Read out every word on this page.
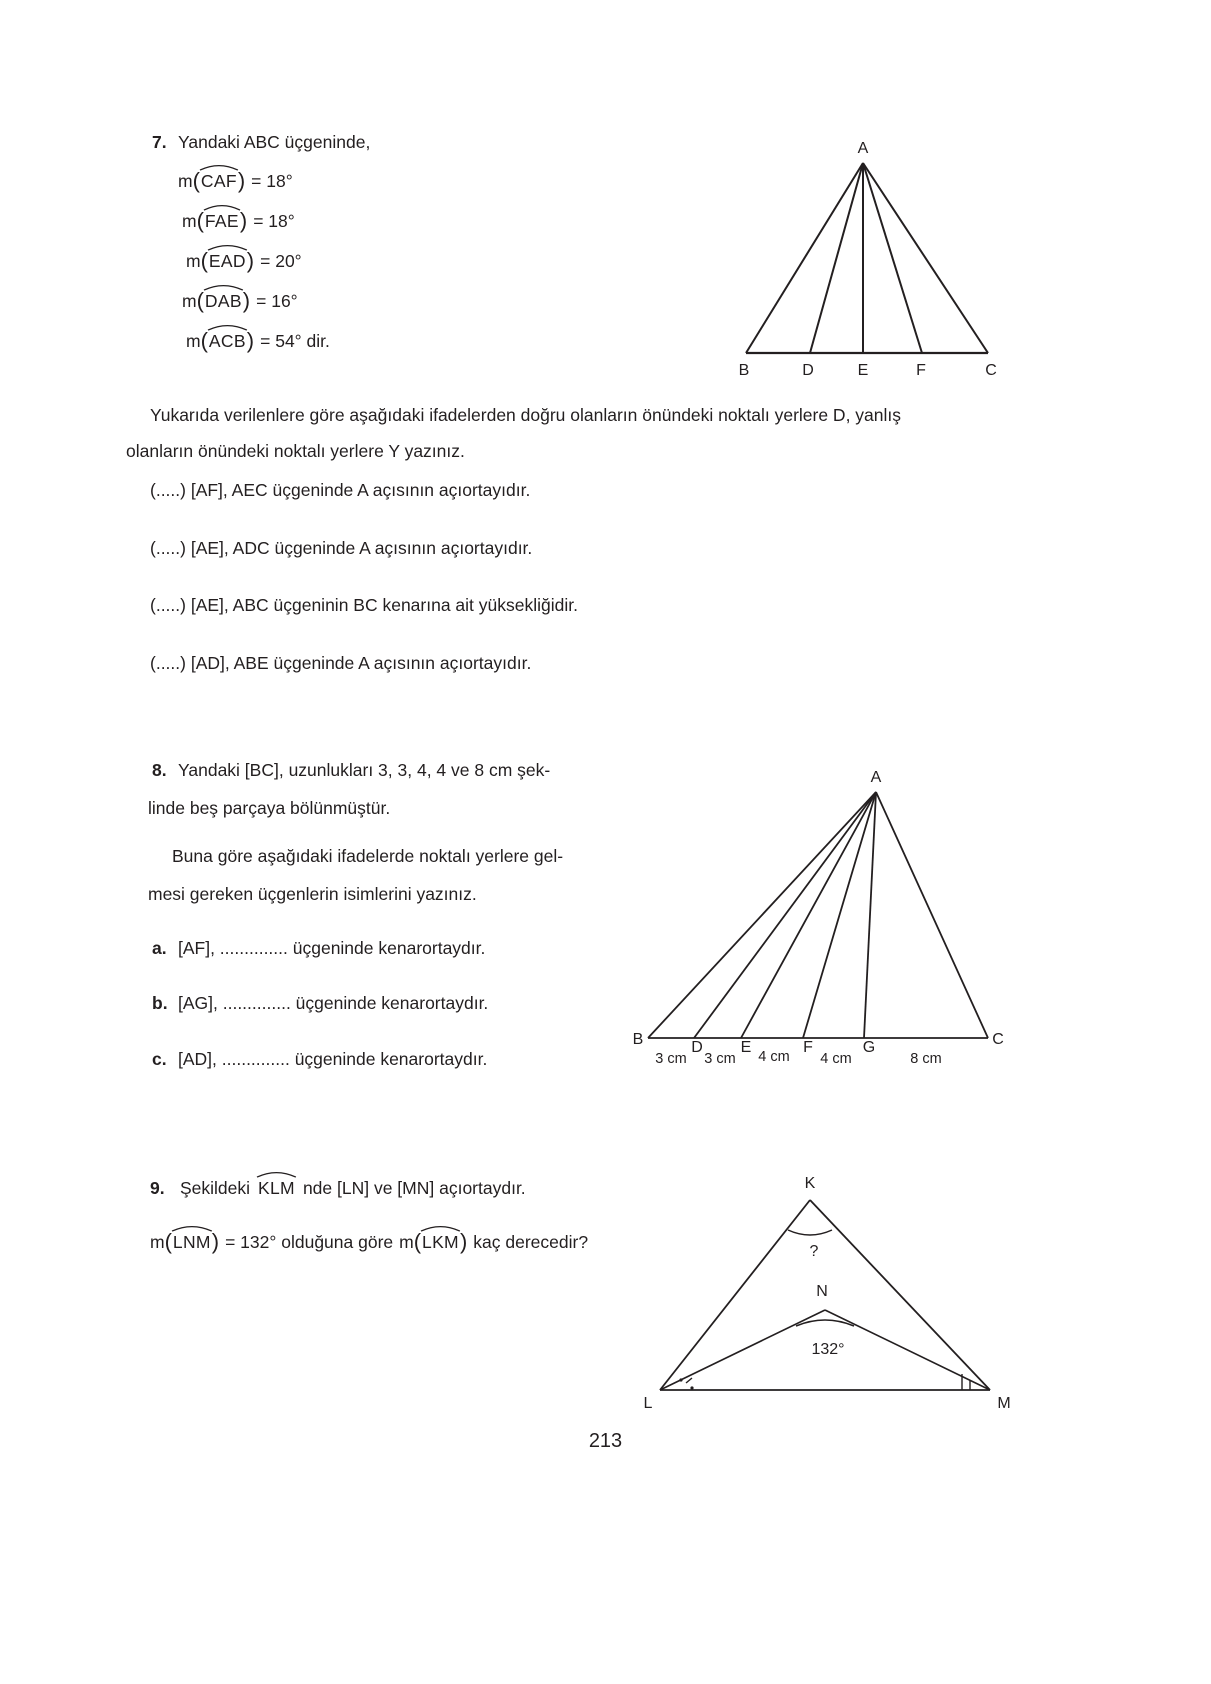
7. Yandaki ABC üçgeninde,
m ( CAF ) = 18°
m ( FAE ) = 18°
m ( EAD ) = 20°
m ( DAB ) = 16°
m ( ACB ) = 54° dir.
A
B	D	E	F	C
Yukarıda verilenlere göre aşağıdaki ifadelerden doğru olanların önündeki noktalı yerlere D, yanlış
olanların önündeki noktalı yerlere Y yazınız.
(.....) [AF], AEC üçgeninde A açısının açıortayıdır.
(.....) [AE], ADC üçgeninde A açısının açıortayıdır.
(.....) [AE], ABC üçgeninin BC kenarına ait yüksekliğidir.
(.....) [AD], ABE üçgeninde A açısının açıortayıdır.
8. Yandaki [BC], uzunlukları 3, 3, 4, 4 ve 8 cm şek-
linde beş parçaya bölünmüştür.
Buna göre aşağıdaki ifadelerde noktalı yerlere gel-
mesi gereken üçgenlerin isimlerini yazınız.
a. [AF], .............. üçgeninde kenarortaydır.
b. [AG], .............. üçgeninde kenarortaydır.
c. [AD], .............. üçgeninde kenarortaydır.
A
B	D E	F	G	C
3 cm 3 cm 4 cm 4 cm	8 cm
9. Şekildeki KLM nde [LN] ve [MN] açıortaydır.
m ( LNM ) = 132° olduğuna göre m ( LKM ) kaç derecedir?
K
L	M
N
?
132°
213
